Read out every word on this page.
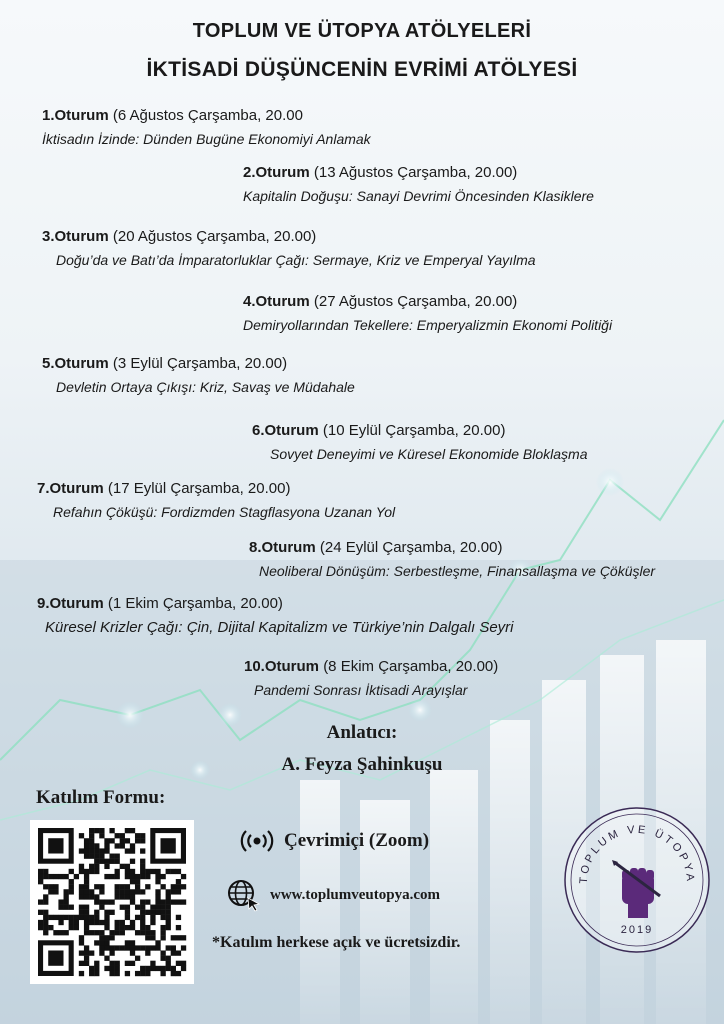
TOPLUM VE ÜTOPYA ATÖLYELERİ
İKTİSADİ DÜŞÜNCENİN EVRİMİ ATÖLYESİ
1.Oturum (6 Ağustos Çarşamba, 20.00
İktisadın İzinde: Dünden Bugüne Ekonomiyi Anlamak
2.Oturum (13 Ağustos Çarşamba, 20.00)
Kapitalin Doğuşu: Sanayi Devrimi Öncesinden Klasiklere
3.Oturum (20 Ağustos Çarşamba, 20.00)
Doğu’da ve Batı’da İmparatorluklar Çağı: Sermaye, Kriz ve Emperyal Yayılma
4.Oturum (27 Ağustos Çarşamba, 20.00)
Demiryollarından Tekellere: Emperyalizmin Ekonomi Politiği
5.Oturum (3 Eylül Çarşamba, 20.00)
Devletin Ortaya Çıkışı: Kriz, Savaş ve Müdahale
6.Oturum (10 Eylül Çarşamba, 20.00)
Sovyet Deneyimi ve Küresel Ekonomide Bloklaşma
7.Oturum (17 Eylül Çarşamba, 20.00)
Refahın Çöküşü: Fordizmden Stagflasyona Uzanan Yol
8.Oturum (24 Eylül Çarşamba, 20.00)
Neoliberal Dönüşüm: Serbestleşme, Finansallaşma ve Çöküşler
9.Oturum (1 Ekim Çarşamba, 20.00)
Küresel Krizler Çağı: Çin, Dijital Kapitalizm ve Türkiye’nin Dalgalı Seyri
10.Oturum (8 Ekim Çarşamba, 20.00)
Pandemi Sonrası İktisadi Arayışlar
Anlatıcı:
A. Feyza Şahinkuşu
Katılım Formu:
Çevrimiçi (Zoom)
www.toplumveutopya.com
*Katılım herkese açık ve ücretsizdir.
TOPLUM VE ÜTOPYA
2019
